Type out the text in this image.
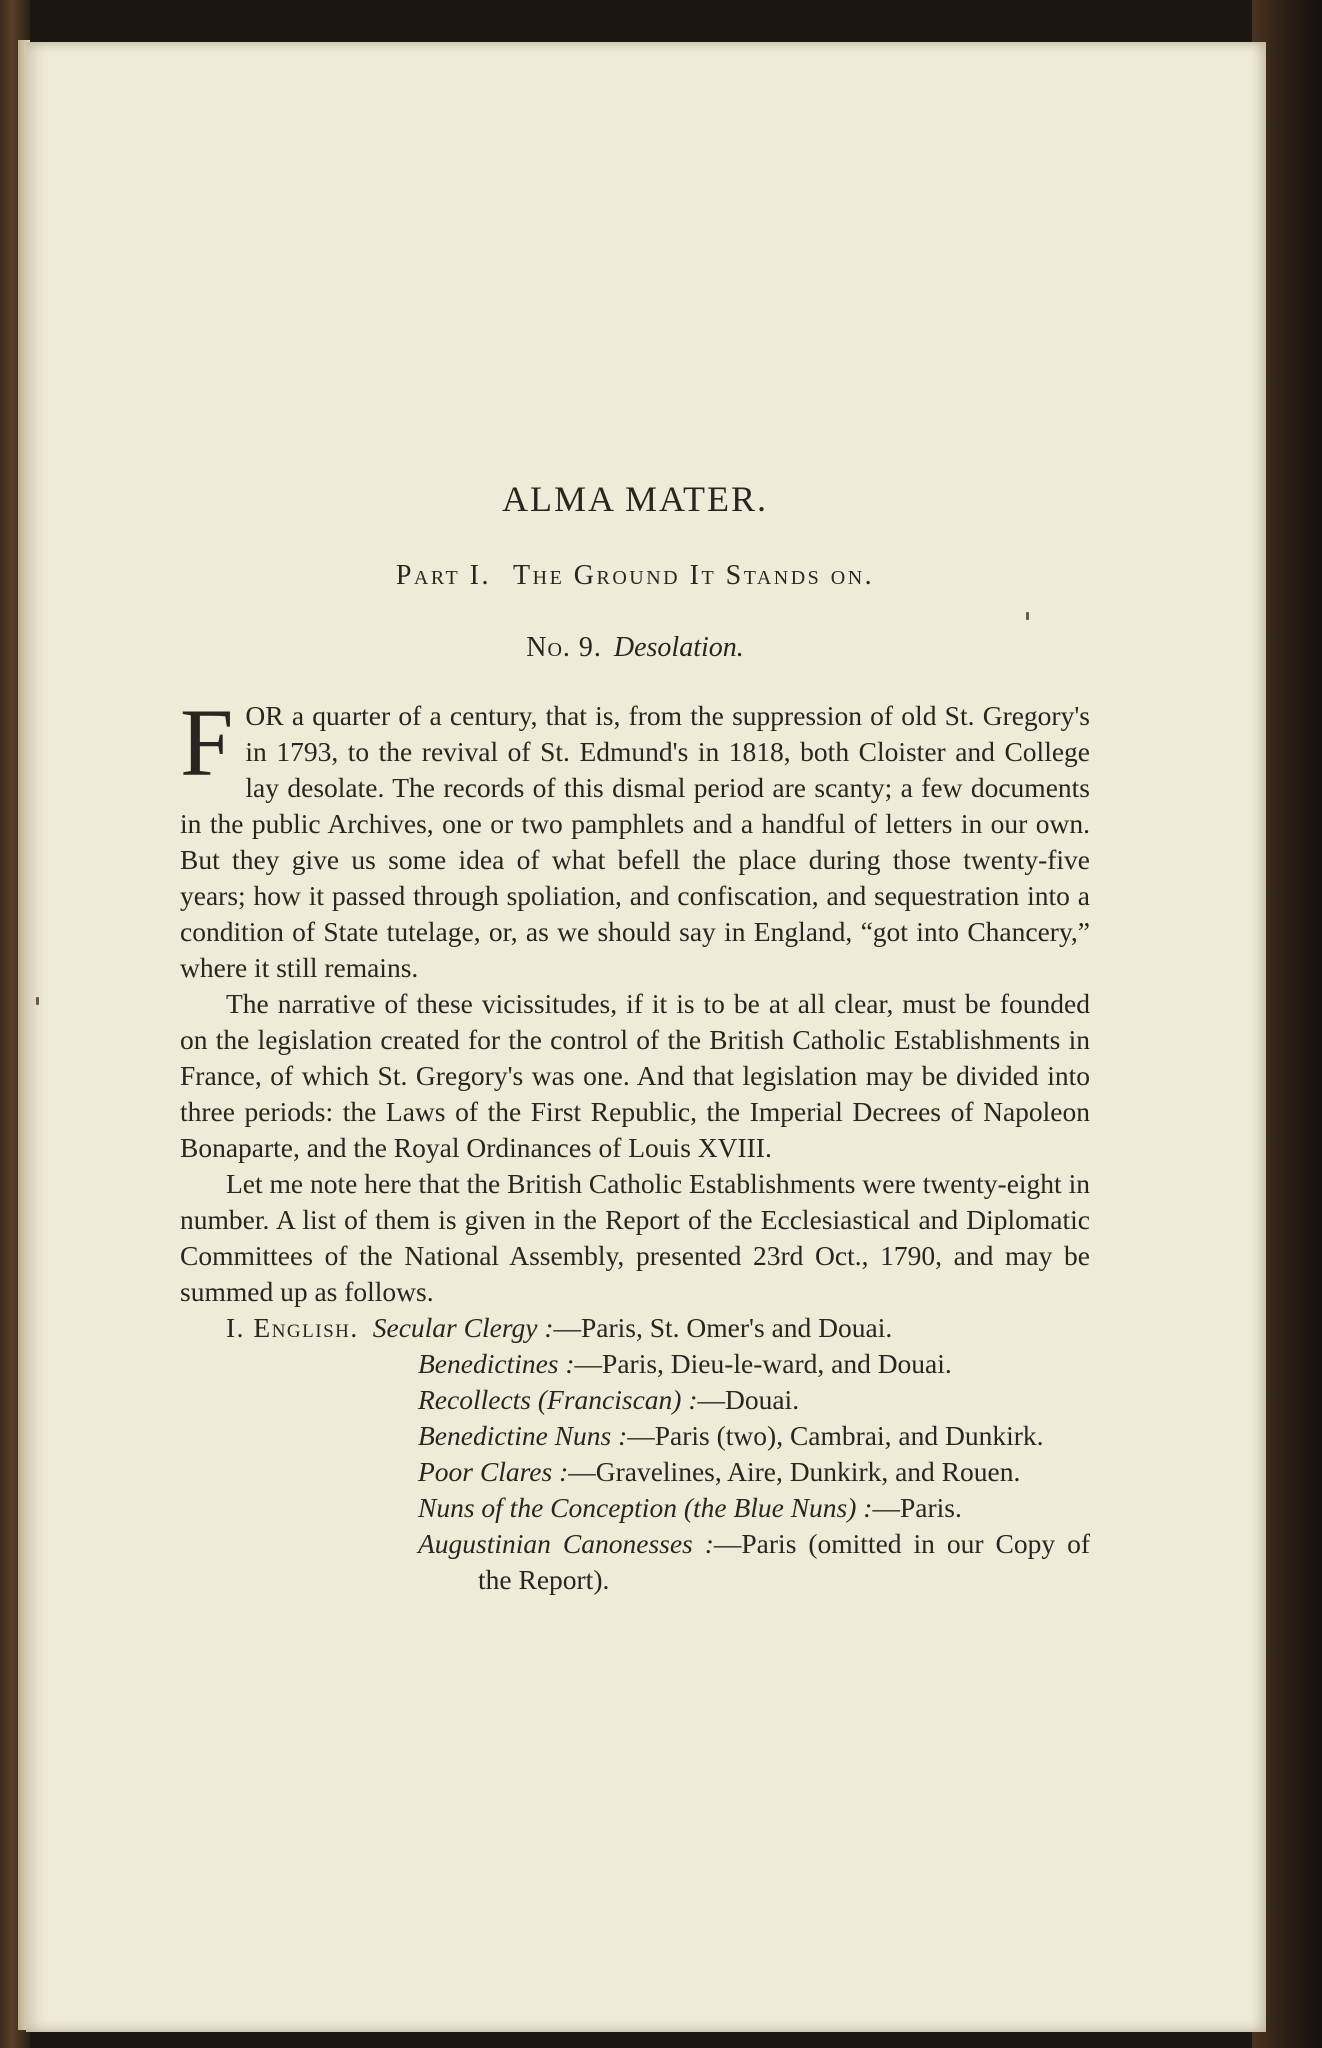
ALMA MATER.
Part I. The Ground It Stands on.
No. 9. Desolation.

FOR a quarter of a century, that is, from the suppression of old St. Gregory's in 1793, to the revival of St. Edmund's in 1818, both Cloister and College lay desolate. The records of this dismal period are scanty; a few documents in the public Archives, one or two pamphlets and a handful of letters in our own. But they give us some idea of what befell the place during those twenty-five years; how it passed through spoliation, and confiscation, and sequestration into a condition of State tutelage, or, as we should say in England, “got into Chancery,” where it still remains.

The narrative of these vicissitudes, if it is to be at all clear, must be founded on the legislation created for the control of the British Catholic Establishments in France, of which St. Gregory's was one. And that legislation may be divided into three periods: the Laws of the First Republic, the Imperial Decrees of Napoleon Bonaparte, and the Royal Ordinances of Louis XVIII.

Let me note here that the British Catholic Establishments were twenty-eight in number. A list of them is given in the Report of the Ecclesiastical and Diplomatic Committees of the National Assembly, presented 23rd Oct., 1790, and may be summed up as follows.

I. English. Secular Clergy :—Paris, St. Omer's and Douai.
Benedictines :—Paris, Dieu-le-ward, and Douai.
Recollects (Franciscan) :—Douai.
Benedictine Nuns :—Paris (two), Cambrai, and Dunkirk.
Poor Clares :—Gravelines, Aire, Dunkirk, and Rouen.
Nuns of the Conception (the Blue Nuns) :—Paris.
Augustinian Canonesses :—Paris (omitted in our Copy of the Report).
